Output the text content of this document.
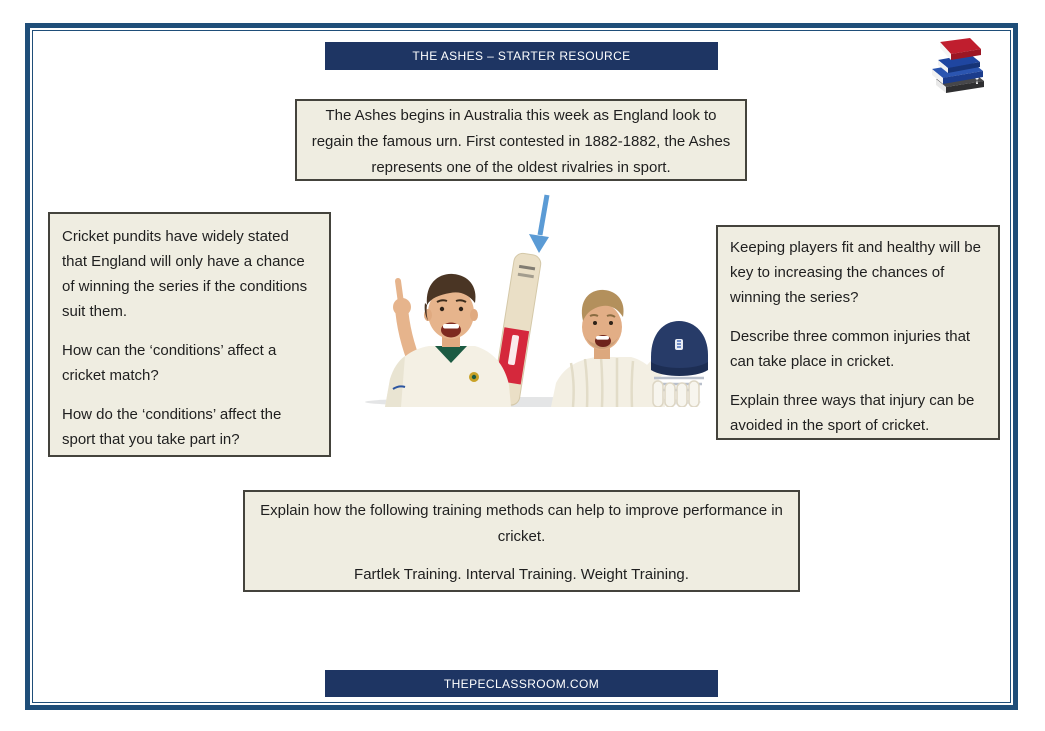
THE ASHES – STARTER RESOURCE

The Ashes begins in Australia this week as England look to regain the famous urn. First contested in 1882-1882, the Ashes represents one of the oldest rivalries in sport.

Cricket pundits have widely stated that England will only have a chance of winning the series if the conditions suit them.

How can the ‘conditions’ affect a cricket match?

How do the ‘conditions’ affect the sport that you take part in?

Keeping players fit and healthy will be key to increasing the chances of winning the series?

Describe three common injuries that can take place in cricket.

Explain three ways that injury can be avoided in the sport of cricket.

Explain how the following training methods can help to improve performance in cricket.

Fartlek Training. Interval Training. Weight Training.

THEPECLASSROOM.COM
